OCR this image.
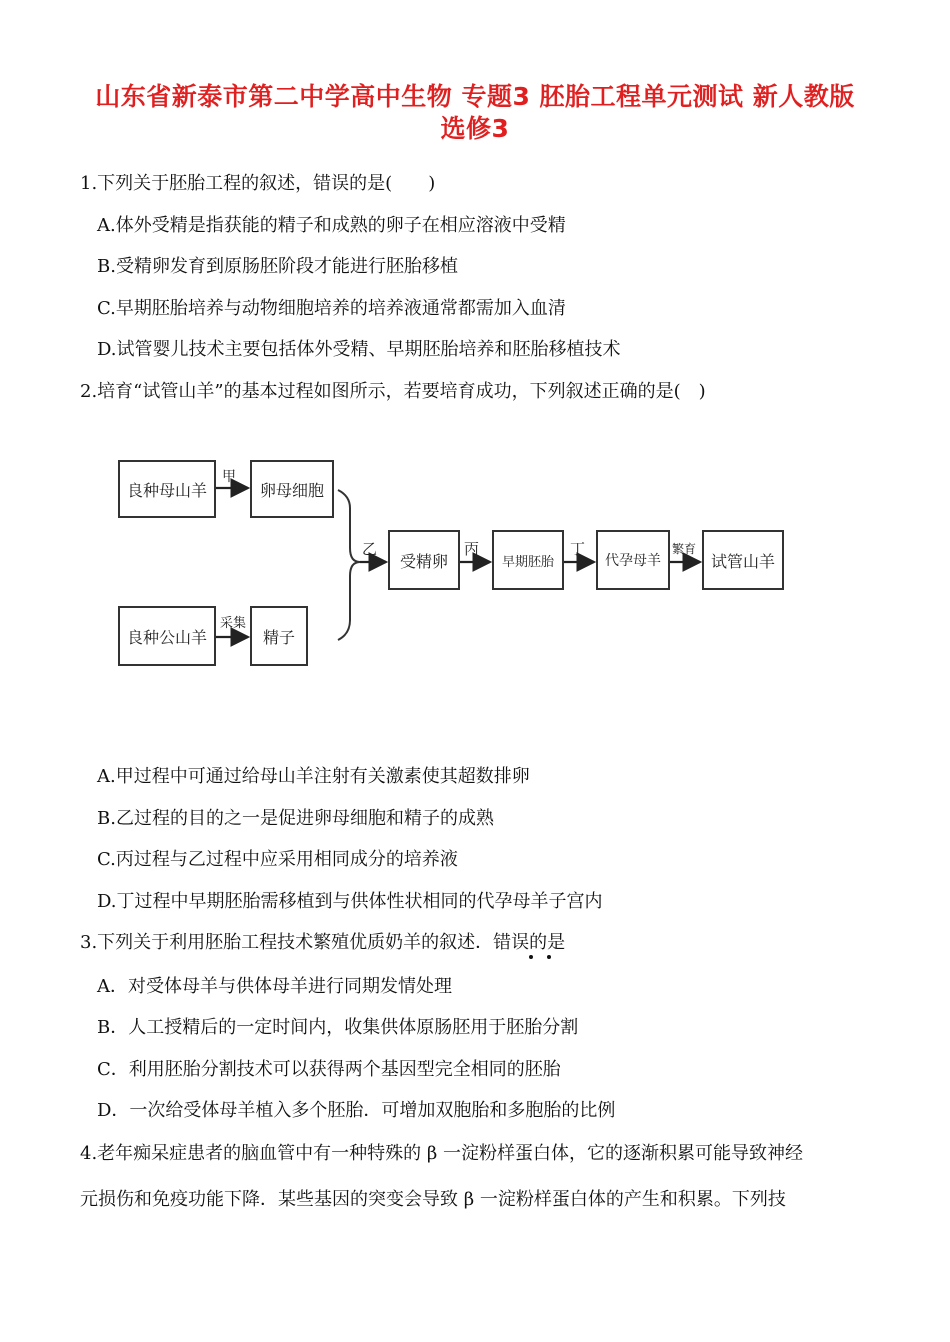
山东省新泰市第二中学高中生物 专题3 胚胎工程单元测试 新人教版
选修3
1.下列关于胚胎工程的叙述，错误的是(　　)
A.体外受精是指获能的精子和成熟的卵子在相应溶液中受精
B.受精卵发育到原肠胚阶段才能进行胚胎移植
C.早期胚胎培养与动物细胞培养的培养液通常都需加入血清
D.试管婴儿技术主要包括体外受精、早期胚胎培养和胚胎移植技术
2.培育“试管山羊”的基本过程如图所示，若要培育成功，下列叙述正确的是(　)
良种母山羊	卵母细胞
良种公山羊	精子
受精卵	早期胚胎	代孕母羊	试管山羊
甲
采集
乙	丙	丁	繁育
A.甲过程中可通过给母山羊注射有关激素使其超数排卵
B.乙过程的目的之一是促进卵母细胞和精子的成熟
C.丙过程与乙过程中应采用相同成分的培养液
D.丁过程中早期胚胎需移植到与供体性状相同的代孕母羊子宫内
3.下列关于利用胚胎工程技术繁殖优质奶羊的叙述．错误的是
A．对受体母羊与供体母羊进行同期发情处理
B．人工授精后的一定时间内，收集供体原肠胚用于胚胎分割
C．利用胚胎分割技术可以获得两个基因型完全相同的胚胎
D．一次给受体母羊植入多个胚胎．可增加双胞胎和多胞胎的比例
4.老年痴呆症患者的脑血管中有一种特殊的 β 一淀粉样蛋白体，它的逐渐积累可能导致神经
元损伤和免疫功能下降．某些基因的突变会导致 β 一淀粉样蛋白体的产生和积累。下列技
